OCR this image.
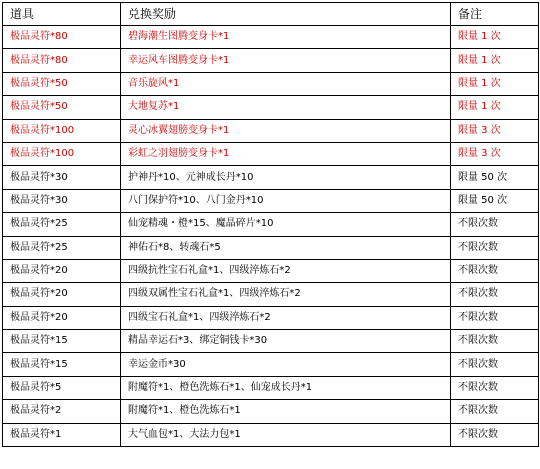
道具	兑换奖励	备注
极品灵符*80	碧海潮生图腾变身卡*1	限量 1 次
极品灵符*80	幸运风车图腾变身卡*1	限量 1 次
极品灵符*50	音乐旋风*1	限量 1 次
极品灵符*50	大地复苏*1	限量 1 次
极品灵符*100	灵心冰翼翅膀变身卡*1	限量 3 次
极品灵符*100	彩虹之羽翅膀变身卡*1	限量 3 次
极品灵符*30	护神丹*10、元神成长丹*10	限量 50 次
极品灵符*30	八门保护符*10、八门金丹*10	限量 50 次
极品灵符*25	仙宠精魂・橙*15、魔晶碎片*10	不限次数
极品灵符*25	神佑石*8、转魂石*5	不限次数
极品灵符*20	四级抗性宝石礼盒*1、四级淬炼石*2	不限次数
极品灵符*20	四级双属性宝石礼盒*1、四级淬炼石*2	不限次数
极品灵符*20	四级宝石礼盒*1、四级淬炼石*2	不限次数
极品灵符*15	精品幸运石*3、绑定铜钱卡*30	不限次数
极品灵符*15	幸运金币*30	不限次数
极品灵符*5	附魔符*1、橙色洗炼石*1、仙宠成长丹*1	不限次数
极品灵符*2	附魔符*1、橙色洗炼石*1	不限次数
极品灵符*1	大气血包*1、大法力包*1	不限次数
